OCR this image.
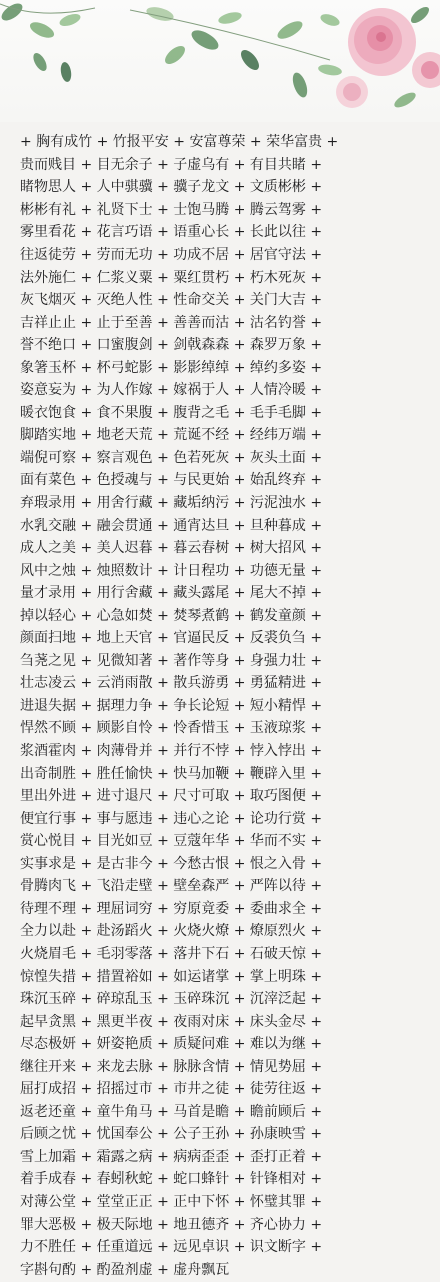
+ 胸有成竹 + 竹报平安 + 安富尊荣 + 荣华富贵 +
贵而贱目 + 目无余子 + 子虚乌有 + 有目共睹 +
睹物思人 + 人中骐骥 + 骥子龙文 + 文质彬彬 +
彬彬有礼 + 礼贤下士 + 士饱马腾 + 腾云驾雾 +
雾里看花 + 花言巧语 + 语重心长 + 长此以往 +
往返徒劳 + 劳而无功 + 功成不居 + 居官守法 +
法外施仁 + 仁浆义粟 + 粟红贯朽 + 朽木死灰 +
灰飞烟灭 + 灭绝人性 + 性命交关 + 关门大吉 +
吉祥止止 + 止于至善 + 善善而沽 + 沽名钓誉 +
誉不绝口 + 口蜜腹剑 + 剑戟森森 + 森罗万象 +
象箸玉杯 + 杯弓蛇影 + 影影绰绰 + 绰约多姿 +
姿意妄为 + 为人作嫁 + 嫁祸于人 + 人情冷暖 +
暖衣饱食 + 食不果腹 + 腹背之毛 + 毛手毛脚 +
脚踏实地 + 地老天荒 + 荒诞不经 + 经纬万端 +
端倪可察 + 察言观色 + 色若死灰 + 灰头土面 +
面有菜色 + 色授魂与 + 与民更始 + 始乱终弃 +
弃瑕录用 + 用舍行藏 + 藏垢纳污 + 污泥浊水 +
水乳交融 + 融会贯通 + 通宵达旦 + 旦种暮成 +
成人之美 + 美人迟暮 + 暮云春树 + 树大招风 +
风中之烛 + 烛照数计 + 计日程功 + 功德无量 +
量才录用 + 用行舍藏 + 藏头露尾 + 尾大不掉 +
掉以轻心 + 心急如焚 + 焚琴煮鹤 + 鹤发童颜 +
颜面扫地 + 地上天官 + 官逼民反 + 反裘负刍 +
刍荛之见 + 见微知著 + 著作等身 + 身强力壮 +
壮志凌云 + 云消雨散 + 散兵游勇 + 勇猛精进 +
进退失据 + 据理力争 + 争长论短 + 短小精悍 +
悍然不顾 + 顾影自怜 + 怜香惜玉 + 玉液琼浆 +
浆酒霍肉 + 肉薄骨并 + 并行不悖 + 悖入悖出 +
出奇制胜 + 胜任愉快 + 快马加鞭 + 鞭辟入里 +
里出外进 + 进寸退尺 + 尺寸可取 + 取巧图便 +
便宜行事 + 事与愿违 + 违心之论 + 论功行赏 +
赏心悦目 + 目光如豆 + 豆蔻年华 + 华而不实 +
实事求是 + 是古非今 + 今愁古恨 + 恨之入骨 +
骨腾肉飞 + 飞沿走壁 + 壁垒森严 + 严阵以待 +
待理不理 + 理屈词穷 + 穷原竟委 + 委曲求全 +
全力以赴 + 赴汤蹈火 + 火烧火燎 + 燎原烈火 +
火烧眉毛 + 毛羽零落 + 落井下石 + 石破天惊 +
惊惶失措 + 措置裕如 + 如运诸掌 + 掌上明珠 +
珠沉玉碎 + 碎琼乱玉 + 玉碎珠沉 + 沉滓泛起 +
起早贪黑 + 黑更半夜 + 夜雨对床 + 床头金尽 +
尽态极妍 + 妍姿艳质 + 质疑问难 + 难以为继 +
继往开来 + 来龙去脉 + 脉脉含情 + 情见势屈 +
屈打成招 + 招摇过市 + 市井之徒 + 徒劳往返 +
返老还童 + 童牛角马 + 马首是瞻 + 瞻前顾后 +
后顾之忧 + 忧国奉公 + 公子王孙 + 孙康映雪 +
雪上加霜 + 霜露之病 + 病病歪歪 + 歪打正着 +
着手成春 + 春蚓秋蛇 + 蛇口蜂针 + 针锋相对 +
对薄公堂 + 堂堂正正 + 正中下怀 + 怀璧其罪 +
罪大恶极 + 极天际地 + 地丑德齐 + 齐心协力 +
力不胜任 + 任重道远 + 远见卓识 + 识文断字 +
字斟句酌 + 酌盈剂虚 + 虚舟飘瓦
